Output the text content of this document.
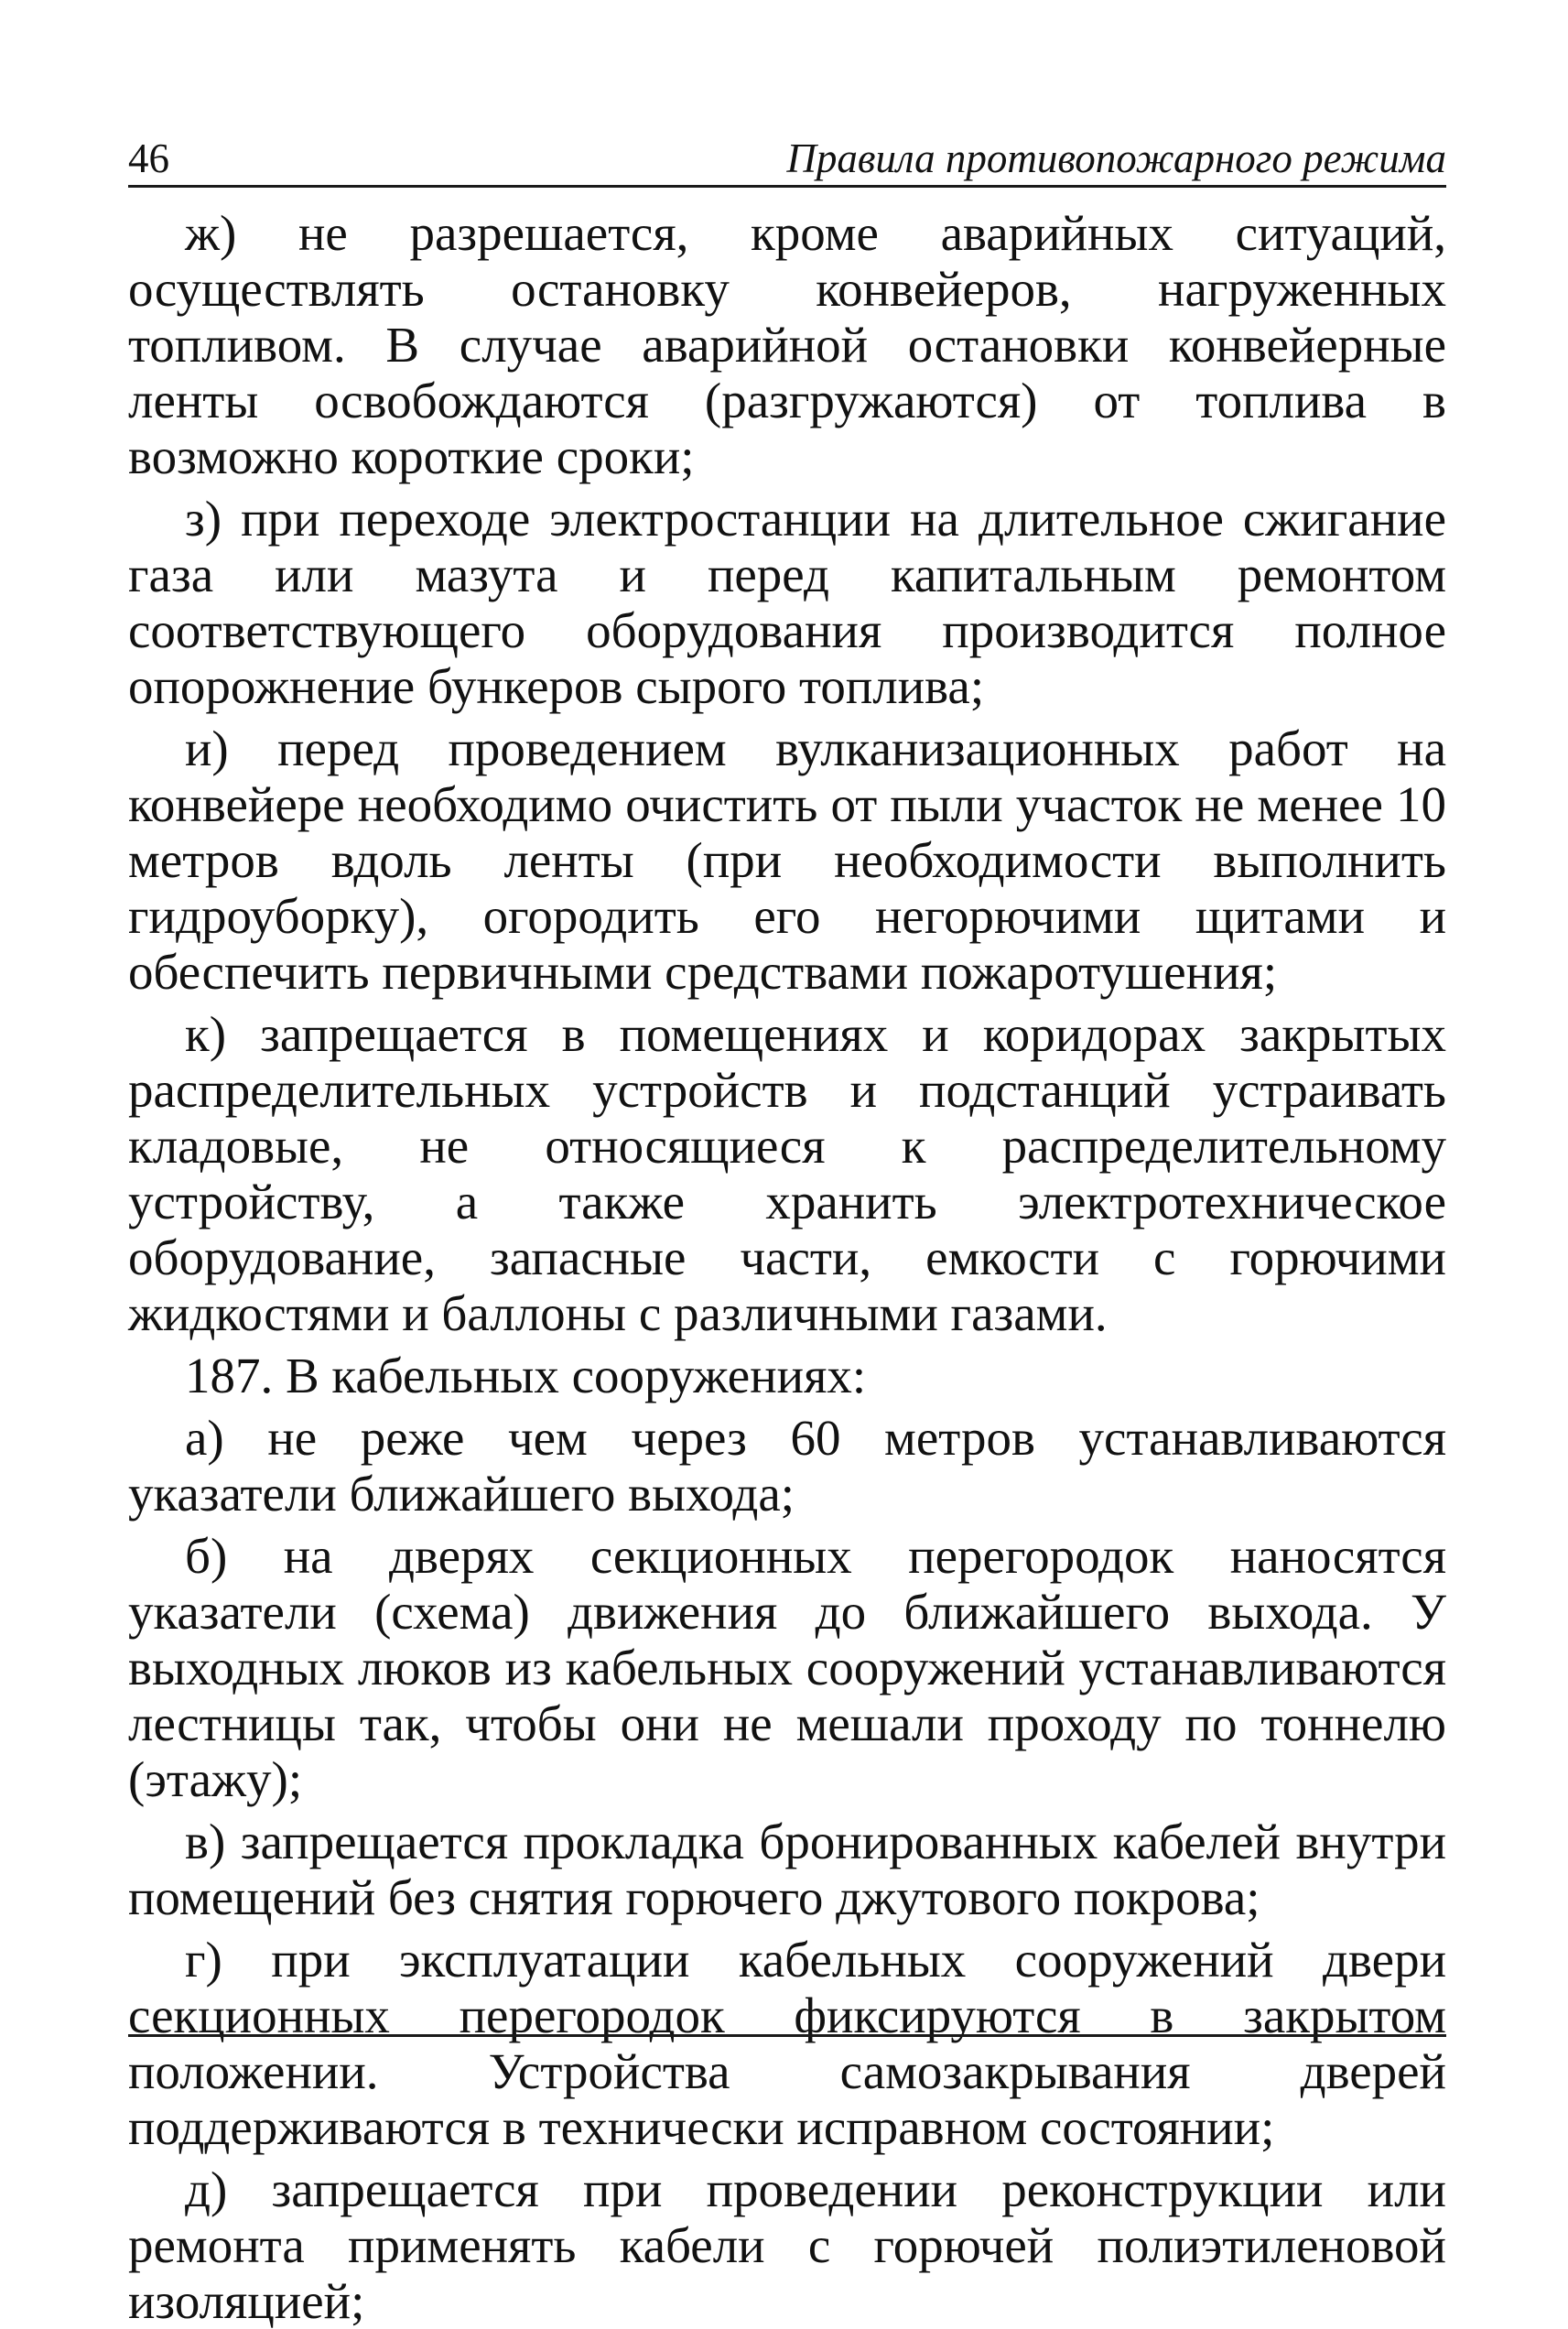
46	Правила противопожарного режима

ж) не разрешается, кроме аварийных ситуаций, осуществлять остановку конвейеров, нагруженных топливом. В случае аварийной остановки конвейерные ленты освобождаются (разгружаются) от топлива в возможно короткие сроки;

з) при переходе электростанции на длительное сжигание газа или мазута и перед капитальным ремонтом соответствующего оборудования производится полное опорожнение бункеров сырого топлива;

и) перед проведением вулканизационных работ на конвейере необходимо очистить от пыли участок не менее 10 метров вдоль ленты (при необходимости выполнить гидроуборку), огородить его негорючими щитами и обеспечить первичными средствами пожаротушения;

к) запрещается в помещениях и коридорах закрытых распределительных устройств и подстанций устраивать кладовые, не относящиеся к распределительному устройству, а также хранить электротехническое оборудование, запасные части, емкости с горючими жидкостями и баллоны с различными газами.

187. В кабельных сооружениях:

а) не реже чем через 60 метров устанавливаются указатели ближайшего выхода;

б) на дверях секционных перегородок наносятся указатели (схема) движения до ближайшего выхода. У выходных люков из кабельных сооружений устанавливаются лестницы так, чтобы они не мешали проходу по тоннелю (этажу);

в) запрещается прокладка бронированных кабелей внутри помещений без снятия горючего джутового покрова;

г) при эксплуатации кабельных сооружений двери секционных перегородок фиксируются в закрытом положении. Устройства самозакрывания дверей поддерживаются в технически исправном состоянии;

д) запрещается при проведении реконструкции или ремонта применять кабели с горючей полиэтиленовой изоляцией;
